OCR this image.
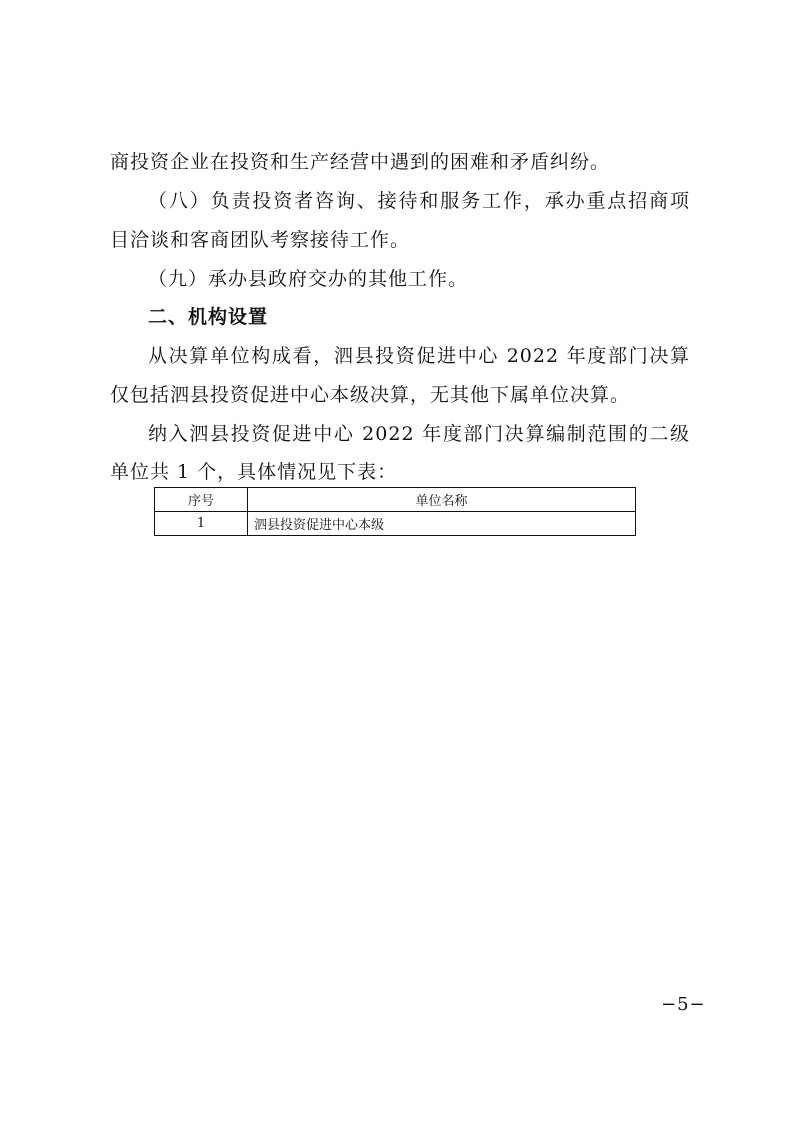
商投资企业在投资和生产经营中遇到的困难和矛盾纠纷。
（八）负责投资者咨询、接待和服务工作，承办重点招商项
目洽谈和客商团队考察接待工作。
（九）承办县政府交办的其他工作。
二、机构设置
从决算单位构成看，泗县投资促进中心 2022 年度部门决算
仅包括泗县投资促进中心本级决算，无其他下属单位决算。
纳入泗县投资促进中心 2022 年度部门决算编制范围的二级
单位共 1 个，具体情况见下表：
序号	单位名称
1	泗县投资促进中心本级
−5−
